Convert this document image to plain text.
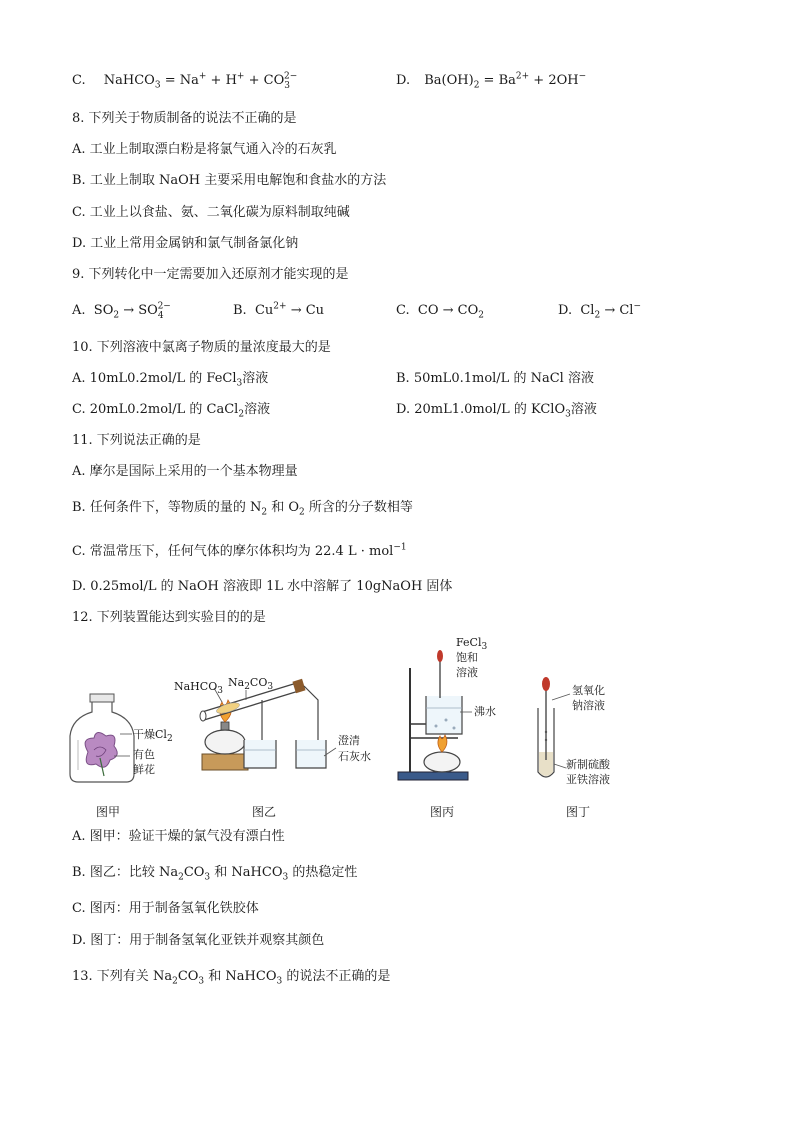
C. NaHCO$_3$ = $Na^+ + H^+ + CO_3^{2-}$	D. $Ba(OH)_2 = Ba^{2+} + 2OH^-$
8. 下列关于物质制备的说法不正确的是
A. 工业上制取漂白粉是将氯气通入冷的石灰乳
B. 工业上制取 NaOH 主要采用电解饱和食盐水的方法
C. 工业上以食盐、氨、二氧化碳为原料制取纯碱
D. 工业上常用金属钠和氯气制备氯化钠
9. 下列转化中一定需要加入还原剂才能实现的是
A.  $SO_2 \to SO_4^{2-}$	B.  $Cu^{2+} \to Cu$	C.  CO → $CO_2$	D.  $Cl_2 \to Cl^-$
10. 下列溶液中氯离子物质的量浓度最大的是
A. 10mL0.2mol/L 的 FeCl$_3$溶液	B. 50mL0.1mol/L 的 NaCl 溶液
C. 20mL0.2mol/L 的 CaCl$_2$溶液	D. 20mL1.0mol/L 的 KClO$_3$溶液
11. 下列说法正确的是
A. 摩尔是国际上采用的一个基本物理量
B. 任何条件下，等物质的量的 $N_2$ 和 $O_2$ 所含的分子数相等
C. 常温常压下，任何气体的摩尔体积均为 22.4 L · mol$^{-1}$
D. 0.25mol/L 的 NaOH 溶液即 1L 水中溶解了 10gNaOH 固体
12. 下列装置能达到实验目的的是
干燥$Cl_2$
有色
鲜花
NaHCO$_3$
$Na_2CO_3$
澄清
石灰水
FeCl$_3$
饱和
溶液
沸水
氢氧化
钠溶液
新制硫酸
亚铁溶液
图甲	图乙	图丙	图丁
A. 图甲：验证干燥的氯气没有漂白性
B. 图乙：比较 $Na_2CO_3$ 和 NaHCO$_3$ 的热稳定性
C. 图丙：用于制备氢氧化铁胶体
D. 图丁：用于制备氢氧化亚铁并观察其颜色
13. 下列有关 $Na_2CO_3$ 和 NaHCO$_3$ 的说法不正确的是
